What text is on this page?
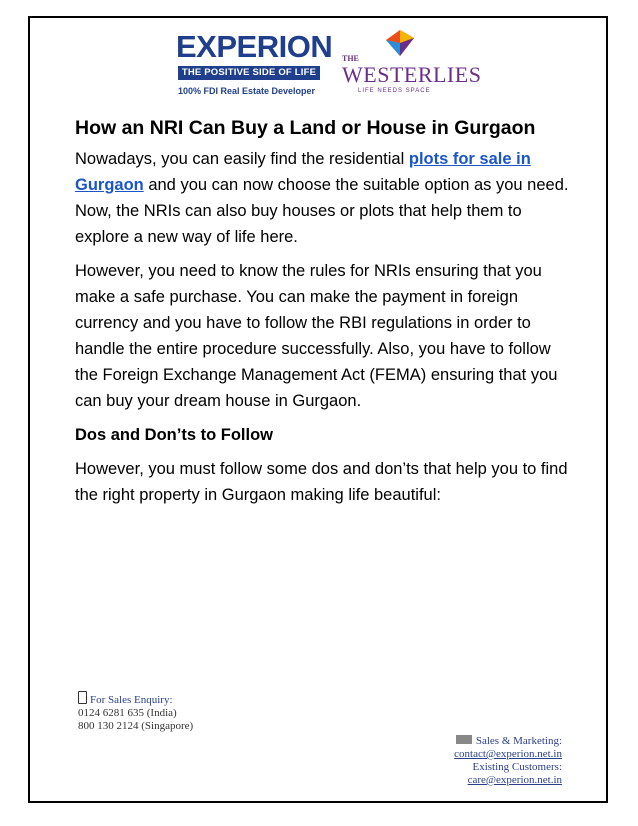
EXPERION
THE POSITIVE SIDE OF LIFE
100% FDI Real Estate Developer
THE
WESTERLIES
LIFE NEEDS SPACE
How an NRI Can Buy a Land or House in Gurgaon

Nowadays, you can easily find the residential plots for sale in Gurgaon and you can now choose the suitable option as you need. Now, the NRIs can also buy houses or plots that help them to explore a new way of life here.

However, you need to know the rules for NRIs ensuring that you make a safe purchase. You can make the payment in foreign currency and you have to follow the RBI regulations in order to handle the entire procedure successfully. Also, you have to follow the Foreign Exchange Management Act (FEMA) ensuring that you can buy your dream house in Gurgaon.

Dos and Don’ts to Follow

However, you must follow some dos and don’ts that help you to find the right property in Gurgaon making life beautiful:

For Sales Enquiry:
0124 6281 635 (India)
800 130 2124 (Singapore)
Sales & Marketing:
contact@experion.net.in
Existing Customers:
care@experion.net.in
